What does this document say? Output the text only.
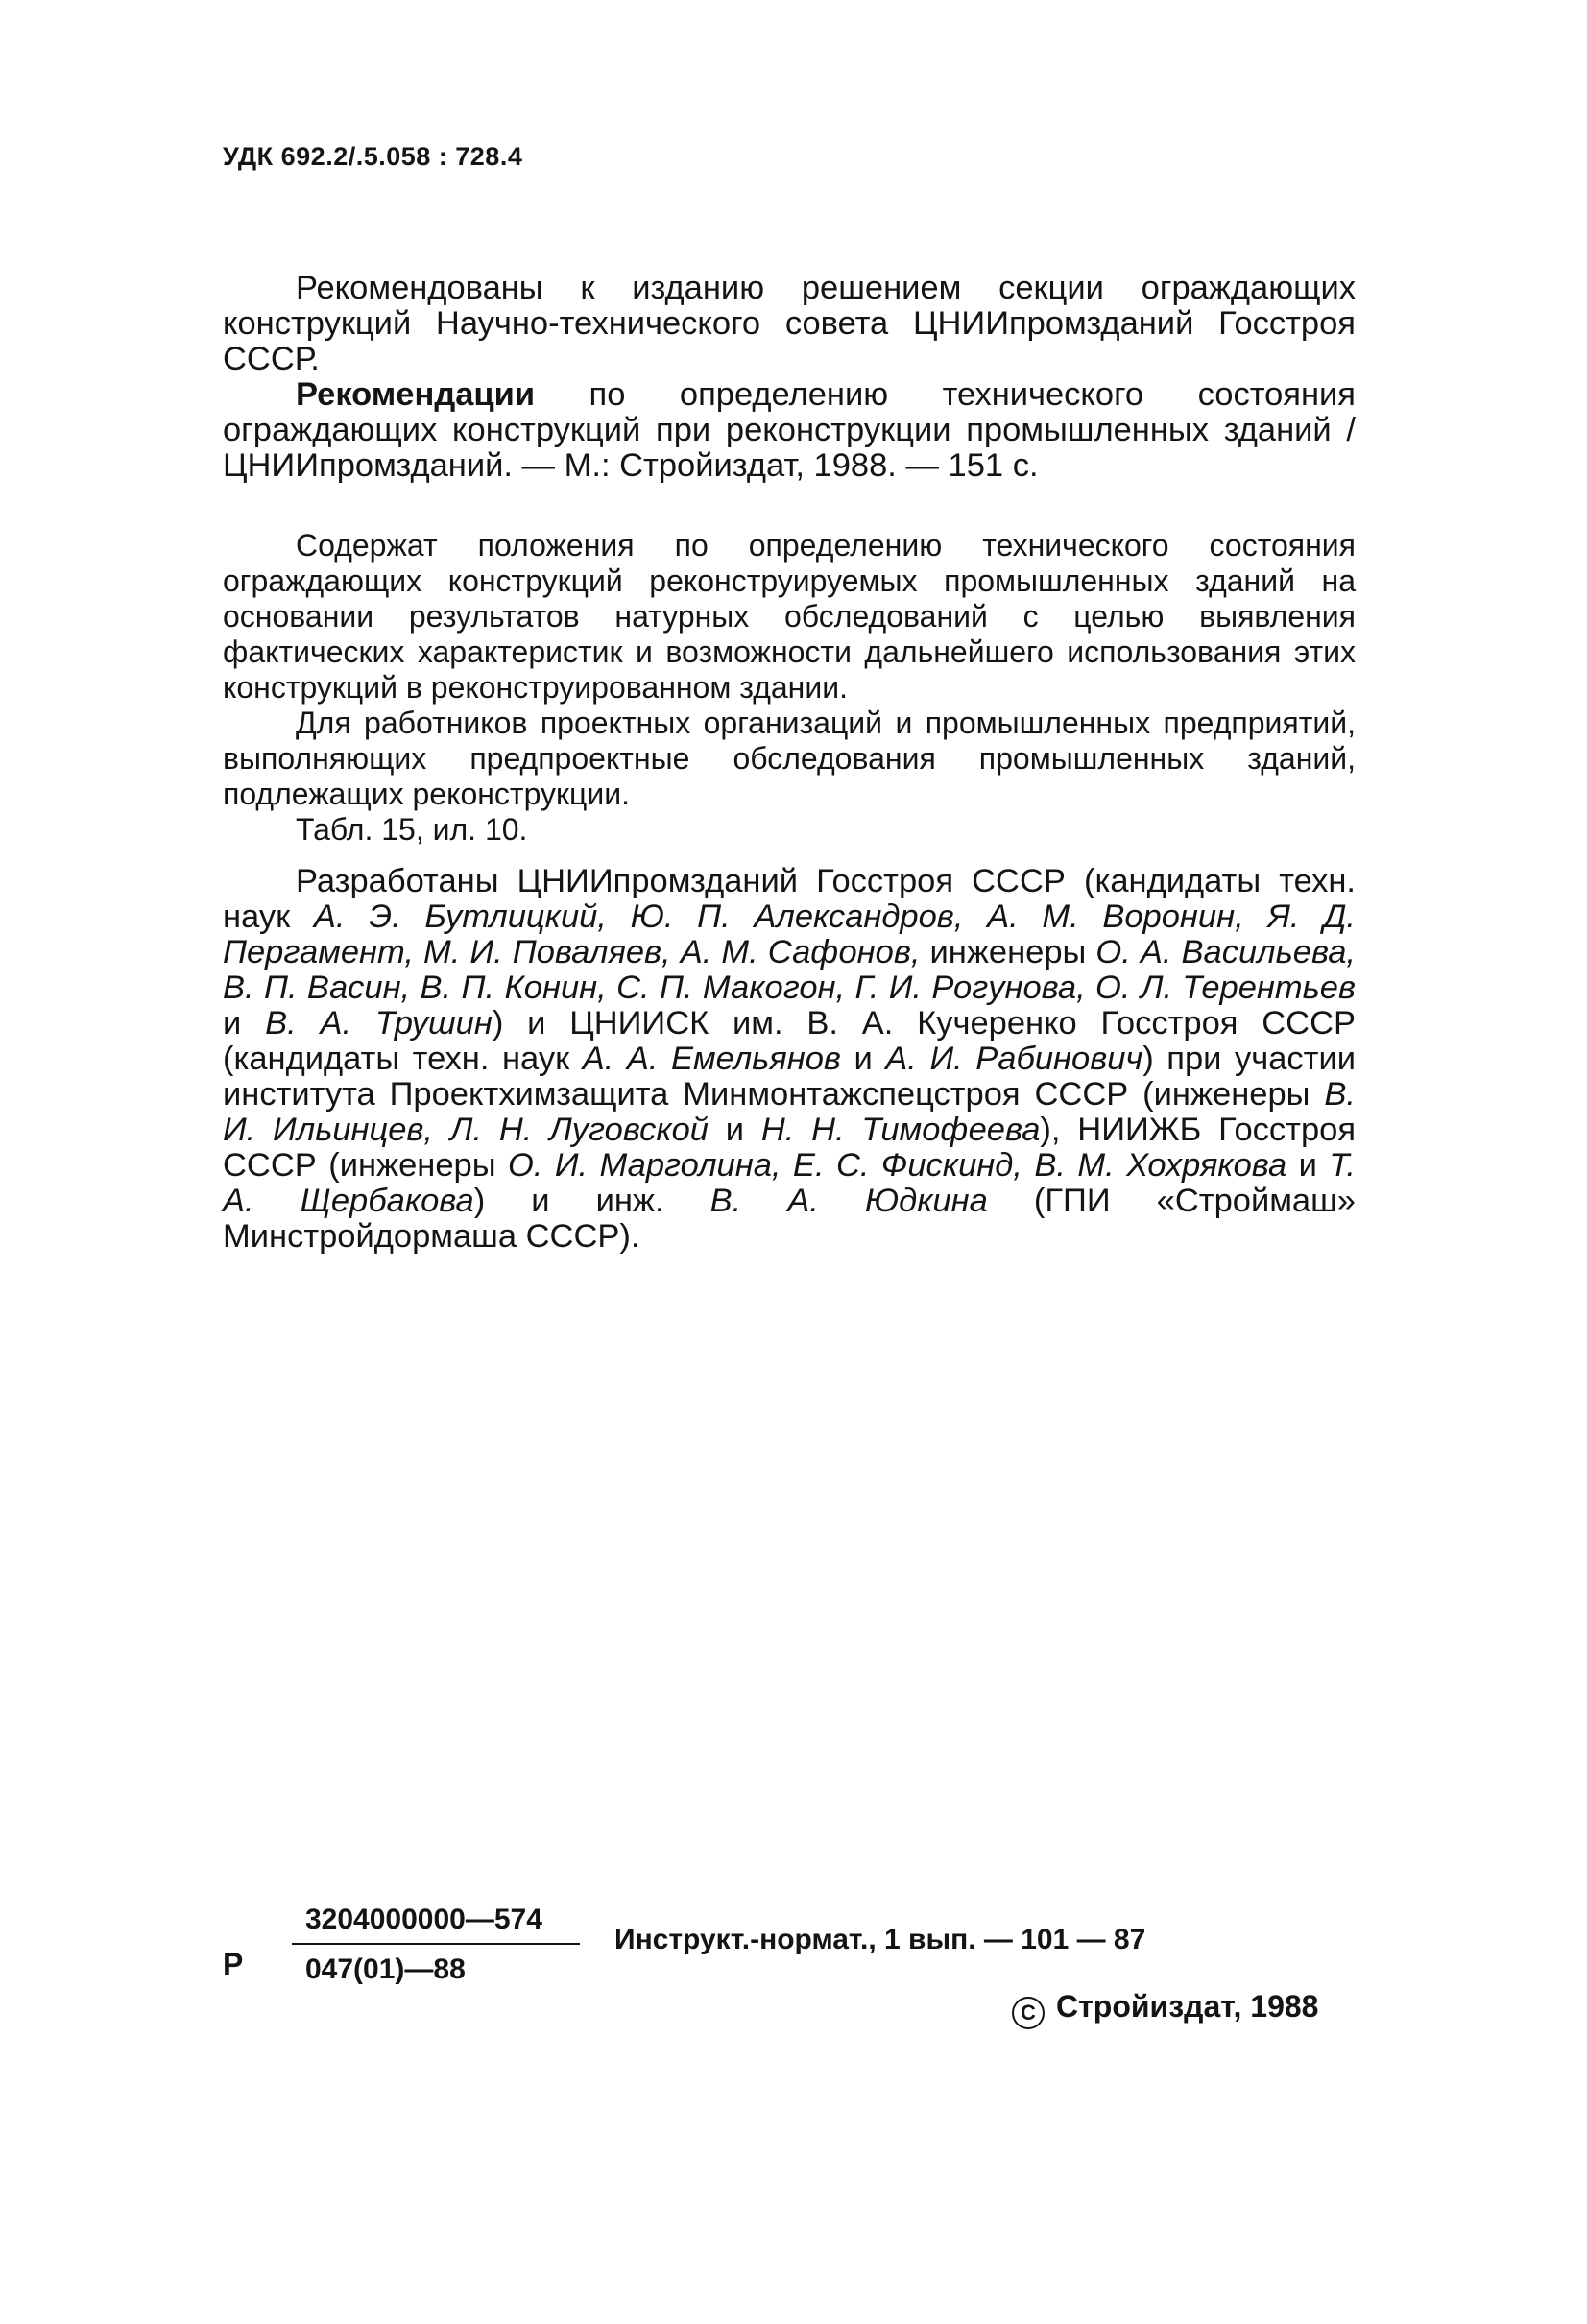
УДК 692.2/.5.058 : 728.4

Рекомендованы к изданию решением секции ограждающих конструкций Научно-технического совета ЦНИИпромзданий Госстроя СССР.

Рекомендации по определению технического состояния ограждающих конструкций при реконструкции промышленных зданий /ЦНИИпромзданий. — М.: Стройиздат, 1988. — 151 с.

Содержат положения по определению технического состояния ограждающих конструкций реконструируемых промышленных зданий на основании результатов натурных обследований с целью выявления фактических характеристик и возможности дальнейшего использования этих конструкций в реконструированном здании.

Для работников проектных организаций и промышленных предприятий, выполняющих предпроектные обследования промышленных зданий, подлежащих реконструкции.

Табл. 15, ил. 10.

Разработаны ЦНИИпромзданий Госстроя СССР (кандидаты техн. наук А. Э. Бутлицкий, Ю. П. Александров, А. М. Воронин, Я. Д. Пергамент, М. И. Поваляев, А. М. Сафонов, инженеры О. А. Васильева, В. П. Васин, В. П. Конин, С. П. Макогон, Г. И. Рогунова, О. Л. Терентьев и В. А. Трушин) и ЦНИИСК им. В. А. Кучеренко Госстроя СССР (кандидаты техн. наук А. А. Емельянов и А. И. Рабинович) при участии института Проектхимзащита Минмонтажспецстроя СССР (инженеры В. И. Ильинцев, Л. Н. Луговской и Н. Н. Тимофеева), НИИЖБ Госстроя СССР (инженеры О. И. Марголина, Е. С. Фискинд, В. М. Хохрякова и Т. А. Щербакова) и инж. В. А. Юдкина (ГПИ «Строймаш» Минстройдормаша СССР).

Р
3204000000—574
047(01)—88
Инструкт.-нормат., 1 вып. — 101 — 87
C Стройиздат, 1988
